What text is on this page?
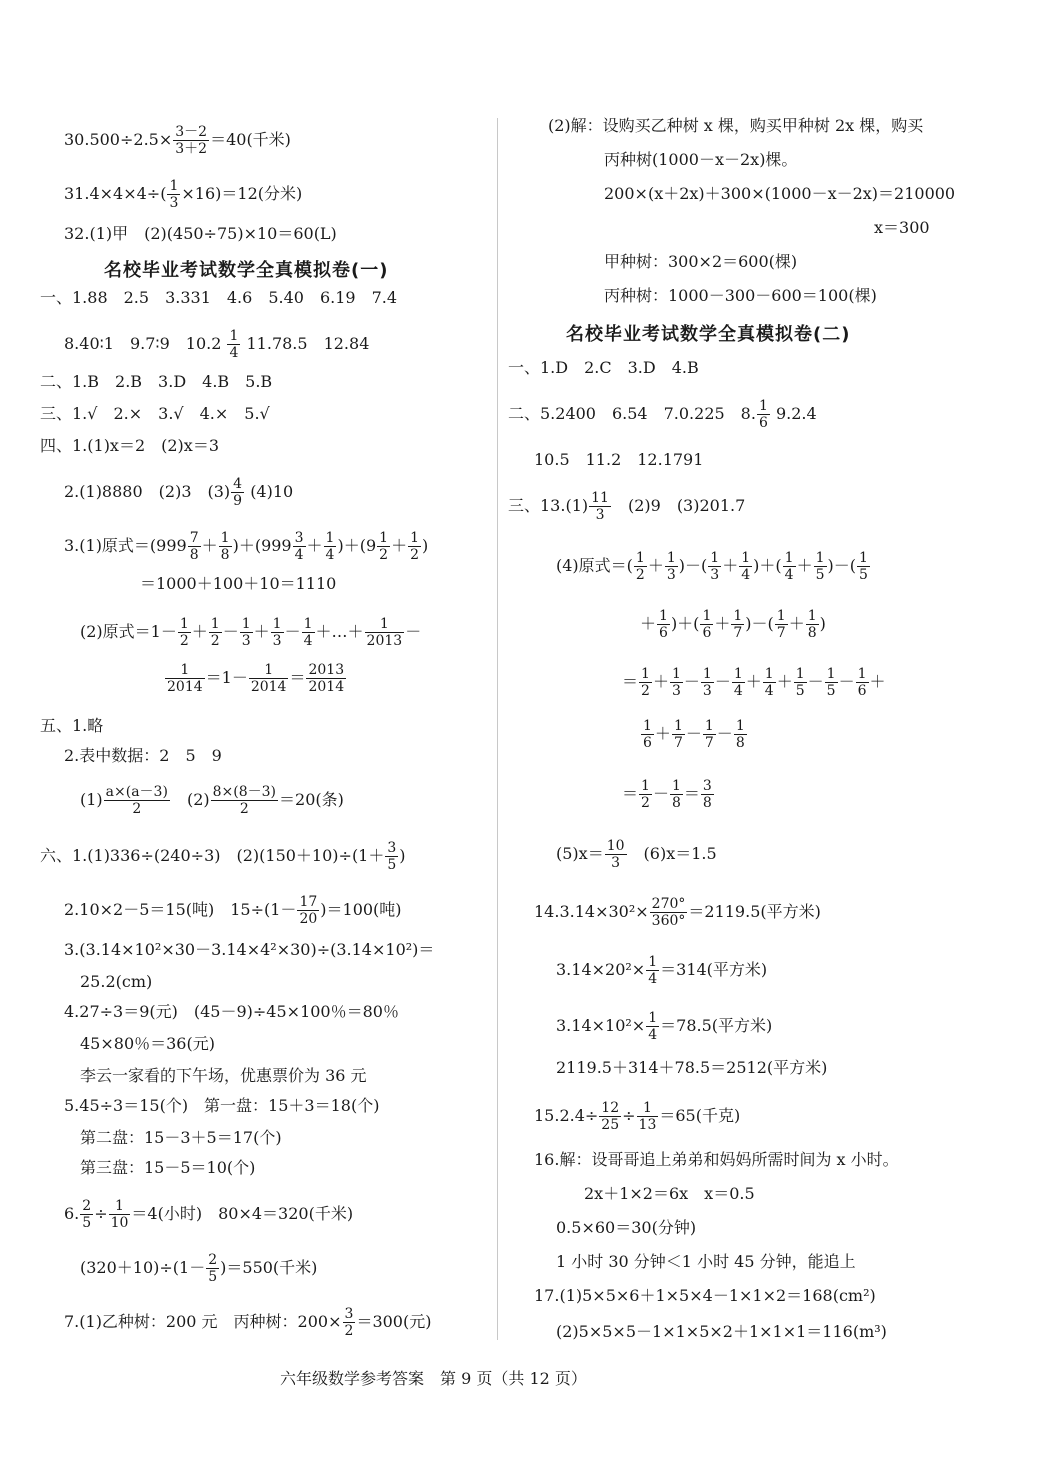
$30.500\div 2.5\times \frac{3-2}{3+2} =40$(千米)
$31.4\times 4\times 4\div( \frac{1}{3} \times 16)=12$(分米)
32.(1)甲　(2)(450÷75)×10＝60(L)
名校毕业考试数学全真模拟卷(一)
一、1.88　2.5　3.331　4.6　5.40　6.19　7.4
8.40∶1　9.7∶9　$10.2 \frac{1}{4} 11.78.5$　12.84
二、1.B　2.B　3.D　4.B　5.B
三、1.√　2.×　3.√　4.×　5.√
四、1.(1)x＝2　(2)x＝3
2.(1)8880　(2)3　$(3) \frac{4}{9} (4)10$
3.(1)原式$=(999 \frac{7}{8} + \frac{1}{8} )+(999 \frac{3}{4} + \frac{1}{4} )+(9 \frac{1}{2} + \frac{1}{2}$ )
＝1000＋100＋10＝1110
(2)原式$=1- \frac{1}{2} + \frac{1}{2} - \frac{1}{3} + \frac{1}{3} - \frac{1}{4}$ ＋…＋ $\frac{1}{2013}$ －
$\frac{1}{2014} =1- \frac{1}{2014} = \frac{2013}{2014}$
五、1.略
2.表中数据：2　5　9
$(1) \frac{a\times(a-3)}{2}$
　 $(2) \frac{8\times(8-3)}{2} =20$(条)
六、1.(1)336÷(240÷3)　$(2)(150+10)\div(1+ \frac{3}{5}$ )
2.10×2－5＝15(吨)　$15\div(1- \frac{17}{20} )=100$(吨)
3.(3.14×10²×30－3.14×4²×30)÷(3.14×10²)＝
25.2(cm)
4.27÷3＝9(元)　(45－9)÷45×100％＝80％
45×80％＝36(元)
李云一家看的下午场，优惠票价为 36 元
5.45÷3＝15(个)　第一盘：15＋3＝18(个)
第二盘：15－3＋5＝17(个)
第三盘：15－5＝10(个)
6. $\frac{2}{5} \div \frac{1}{10} =4$(小时)　80×4＝320(千米)
$(320+10)\div(1- \frac{2}{5} )=550$(千米)
7.(1)乙种树：200 元　丙种树：$200\times \frac{3}{2} =300$(元)
(2)解：设购买乙种树 x 棵，购买甲种树 2x 棵，购买
丙种树(1000－x－2x)棵。
200×(x＋2x)＋300×(1000－x－2x)＝210000
x＝300
甲种树：300×2＝600(棵)
丙种树：1000－300－600＝100(棵)
名校毕业考试数学全真模拟卷(二)
一、1.D　2.C　3.D　4.B
二、5.2400　6.54　7.0.225　8. $\frac{1}{6} 9.2.4$
10.5　11.2　12.1791
三、$13.(1) \frac{11}{3}$
　 (2)9　(3)201.7
(4)原式＝( $\frac{1}{2} + \frac{1}{3}$ )－( $\frac{1}{3} + \frac{1}{4}$ )＋( $\frac{1}{4} + \frac{1}{5}$ )－( $\frac{1}{5}$
＋ $\frac{1}{6}$ )＋( $\frac{1}{6} + \frac{1}{7}$ )－( $\frac{1}{7} + \frac{1}{8}$ )
＝ $\frac{1}{2} + \frac{1}{3} - \frac{1}{3} - \frac{1}{4} + \frac{1}{4} + \frac{1}{5} - \frac{1}{5} - \frac{1}{6}$ ＋
$\frac{1}{6} + \frac{1}{7} - \frac{1}{7} - \frac{1}{8}$
＝ $\frac{1}{2} - \frac{1}{8} = \frac{3}{8}$
$(5)x= \frac{10}{3}$
　 (6)x＝1.5
$14.3.14\times 30^2\times \frac{270^\circ}{360^\circ} =2119.5$(平方米)
$3.14\times 20^2\times \frac{1}{4} =314$(平方米)
$3.14\times 10^2\times \frac{1}{4} =78.5$(平方米)
2119.5＋314＋78.5＝2512(平方米)
$15.2.4\div \frac{12}{25} \div \frac{1}{13} =65$(千克)
16.解：设哥哥追上弟弟和妈妈所需时间为 x 小时。
2x＋1×2＝6x　x＝0.5
0.5×60＝30(分钟)
1 小时 30 分钟＜1 小时 45 分钟，能追上
17.(1)5×5×6＋1×5×4－1×1×2＝168(cm²)
(2)5×5×5－1×1×5×2＋1×1×1＝116(m³)
六年级数学参考答案　第 9 页（共 12 页）
